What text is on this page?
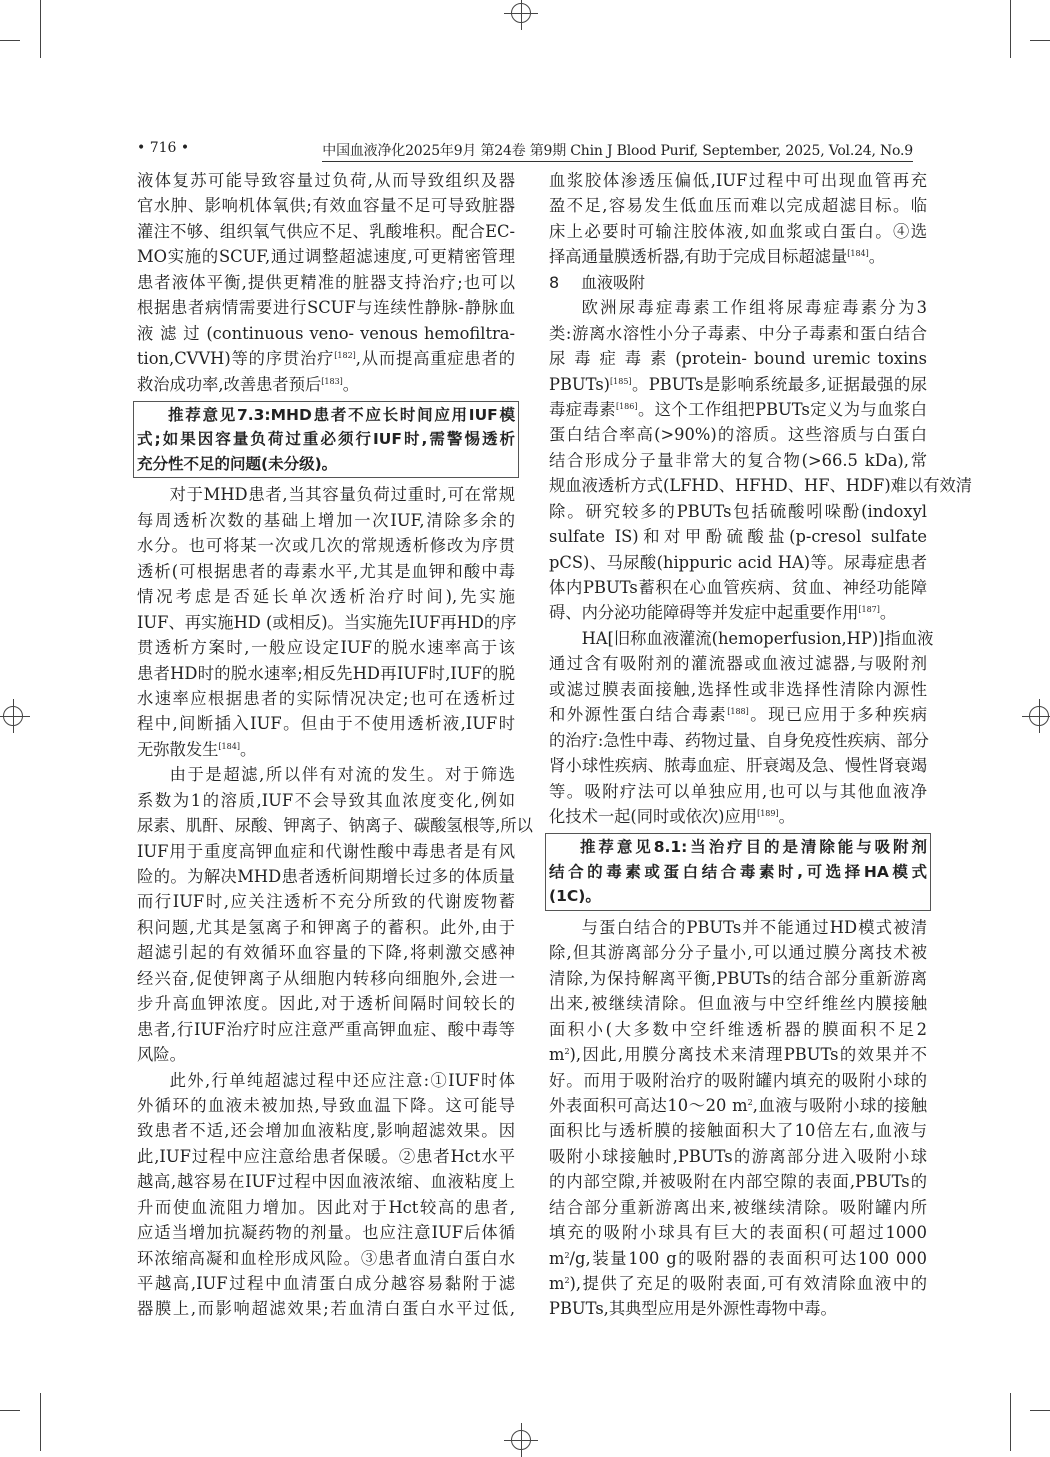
• 716 •	中国血液净化2025年9月 第24卷 第9期 Chin J Blood Purif, September, 2025, Vol.24, No.9
液体复苏可能导致容量过负荷,从而导致组织及器
官水肿、影响机体氧供;有效血容量不足可导致脏器
灌注不够、组织氧气供应不足、乳酸堆积。配合EC-
MO实施的SCUF,通过调整超滤速度,可更精密管理
患者液体平衡,提供更精准的脏器支持治疗;也可以
根据患者病情需要进行SCUF与连续性静脉-静脉血
液 滤 过 (continuous veno- venous hemofiltra-
tion,CVVH)等的序贯治疗[182],从而提高重症患者的
救治成功率,改善患者预后[183]。
推荐意见7.3:MHD患者不应长时间应用IUF模
式;如果因容量负荷过重必须行IUF时,需警惕透析
充分性不足的问题(未分级)。
对于MHD患者,当其容量负荷过重时,可在常规
每周透析次数的基础上增加一次IUF,清除多余的
水分。也可将某一次或几次的常规透析修改为序贯
透析(可根据患者的毒素水平,尤其是血钾和酸中毒
情况考虑是否延长单次透析治疗时间),先实施
IUF、再实施HD (或相反)。当实施先IUF再HD的序
贯透析方案时,一般应设定IUF的脱水速率高于该
患者HD时的脱水速率;相反先HD再IUF时,IUF的脱
水速率应根据患者的实际情况决定;也可在透析过
程中,间断插入IUF。但由于不使用透析液,IUF时
无弥散发生[184]。
由于是超滤,所以伴有对流的发生。对于筛选
系数为1的溶质,IUF不会导致其血浓度变化,例如
尿素、肌酐、尿酸、钾离子、钠离子、碳酸氢根等,所以
IUF用于重度高钾血症和代谢性酸中毒患者是有风
险的。为解决MHD患者透析间期增长过多的体质量
而行IUF时,应关注透析不充分所致的代谢废物蓄
积问题,尤其是氢离子和钾离子的蓄积。此外,由于
超滤引起的有效循环血容量的下降,将刺激交感神
经兴奋,促使钾离子从细胞内转移向细胞外,会进一
步升高血钾浓度。因此,对于透析间隔时间较长的
患者,行IUF治疗时应注意严重高钾血症、酸中毒等
风险。
此外,行单纯超滤过程中还应注意:①IUF时体
外循环的血液未被加热,导致血温下降。这可能导
致患者不适,还会增加血液粘度,影响超滤效果。因
此,IUF过程中应注意给患者保暖。②患者Hct水平
越高,越容易在IUF过程中因血液浓缩、血液粘度上
升而使血流阻力增加。因此对于Hct较高的患者,
应适当增加抗凝药物的剂量。也应注意IUF后体循
环浓缩高凝和血栓形成风险。③患者血清白蛋白水
平越高,IUF过程中血清蛋白成分越容易黏附于滤
器膜上,而影响超滤效果;若血清白蛋白水平过低,
血浆胶体渗透压偏低,IUF过程中可出现血管再充
盈不足,容易发生低血压而难以完成超滤目标。临
床上必要时可输注胶体液,如血浆或白蛋白。④选
择高通量膜透析器,有助于完成目标超滤量[184]。
8 血液吸附
欧洲尿毒症毒素工作组将尿毒症毒素分为3
类:游离水溶性小分子毒素、中分子毒素和蛋白结合
尿 毒 症 毒 素 (protein- bound uremic toxins
PBUTs)[185]。PBUTs是影响系统最多,证据最强的尿
毒症毒素[186]。这个工作组把PBUTs定义为与血浆白
蛋白结合率高(>90%)的溶质。这些溶质与白蛋白
结合形成分子量非常大的复合物(>66.5 kDa),常
规血液透析方式(LFHD、HFHD、HF、HDF)难以有效清
除。研究较多的PBUTs包括硫酸吲哚酚(indoxyl
sulfate IS)和对甲酚硫酸盐(p-cresol sulfate
pCS)、马尿酸(hippuric acid HA)等。尿毒症患者
体内PBUTs蓄积在心血管疾病、贫血、神经功能障
碍、内分泌功能障碍等并发症中起重要作用[187]。
HA[旧称血液灌流(hemoperfusion,HP)]指血液
通过含有吸附剂的灌流器或血液过滤器,与吸附剂
或滤过膜表面接触,选择性或非选择性清除内源性
和外源性蛋白结合毒素[188]。现已应用于多种疾病
的治疗:急性中毒、药物过量、自身免疫性疾病、部分
肾小球性疾病、脓毒血症、肝衰竭及急、慢性肾衰竭
等。吸附疗法可以单独应用,也可以与其他血液净
化技术一起(同时或依次)应用[189]。
推荐意见8.1:当治疗目的是清除能与吸附剂
结合的毒素或蛋白结合毒素时,可选择HA模式
(1C)。
与蛋白结合的PBUTs并不能通过HD模式被清
除,但其游离部分分子量小,可以通过膜分离技术被
清除,为保持解离平衡,PBUTs的结合部分重新游离
出来,被继续清除。但血液与中空纤维丝内膜接触
面积小(大多数中空纤维透析器的膜面积不足2
$m^2$),因此,用膜分离技术来清理PBUTs的效果并不
好。而用于吸附治疗的吸附罐内填充的吸附小球的
外表面积可高达10～20 $m^2$,血液与吸附小球的接触
面积比与透析膜的接触面积大了10倍左右,血液与
吸附小球接触时,PBUTs的游离部分进入吸附小球
的内部空隙,并被吸附在内部空隙的表面,PBUTs的
结合部分重新游离出来,被继续清除。吸附罐内所
填充的吸附小球具有巨大的表面积(可超过1000
$m^2/g$,装量100 g的吸附器的表面积可达100 000
$m^2$),提供了充足的吸附表面,可有效清除血液中的
PBUTs,其典型应用是外源性毒物中毒。
